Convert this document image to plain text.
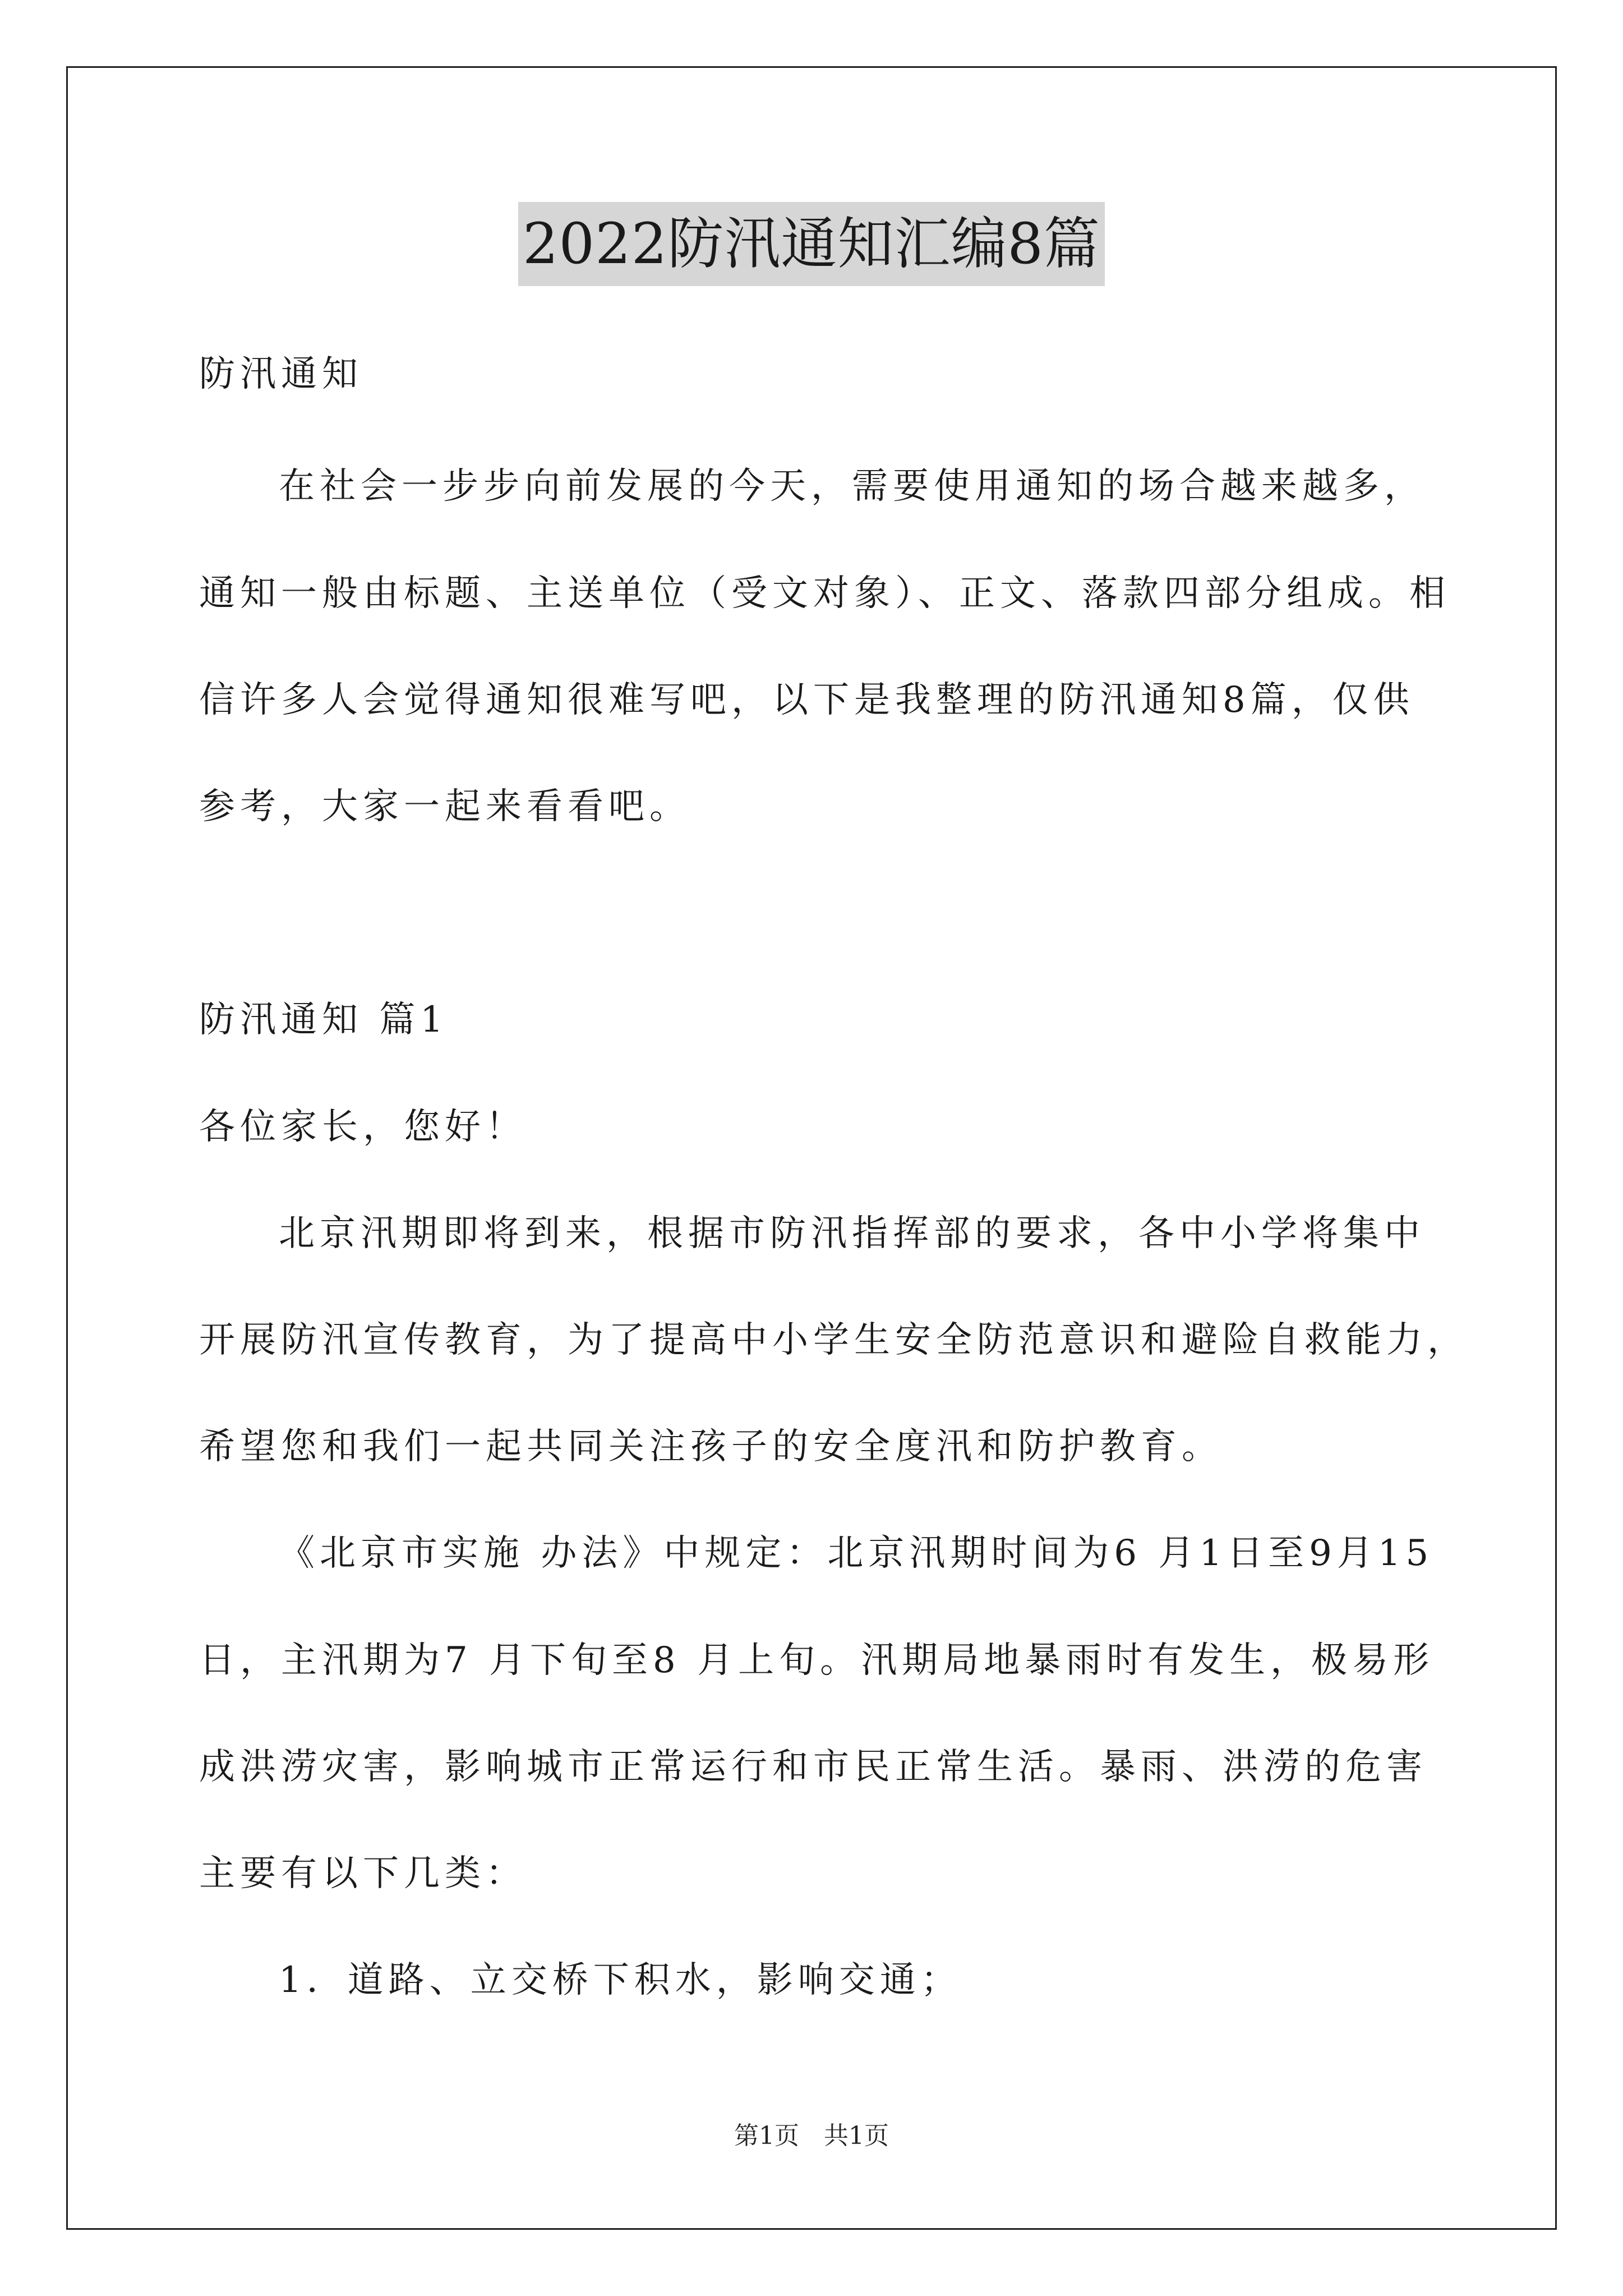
2022防汛通知汇编8篇
防汛通知
在社会一步步向前发展的今天，需要使用通知的场合越来越多，
通知一般由标题、主送单位（受文对象）、正文、落款四部分组成。相
信许多人会觉得通知很难写吧，以下是我整理的防汛通知8篇，仅供
参考，大家一起来看看吧。
防汛通知 篇1
各位家长，您好！
北京汛期即将到来，根据市防汛指挥部的要求，各中小学将集中
开展防汛宣传教育，为了提高中小学生安全防范意识和避险自救能力，
希望您和我们一起共同关注孩子的安全度汛和防护教育。
《北京市实施 办法》中规定：北京汛期时间为6 月1日至9月15
日，主汛期为7 月下旬至8 月上旬。汛期局地暴雨时有发生，极易形
成洪涝灾害，影响城市正常运行和市民正常生活。暴雨、洪涝的危害
主要有以下几类：
1．道路、立交桥下积水，影响交通；
第1页　共1页
